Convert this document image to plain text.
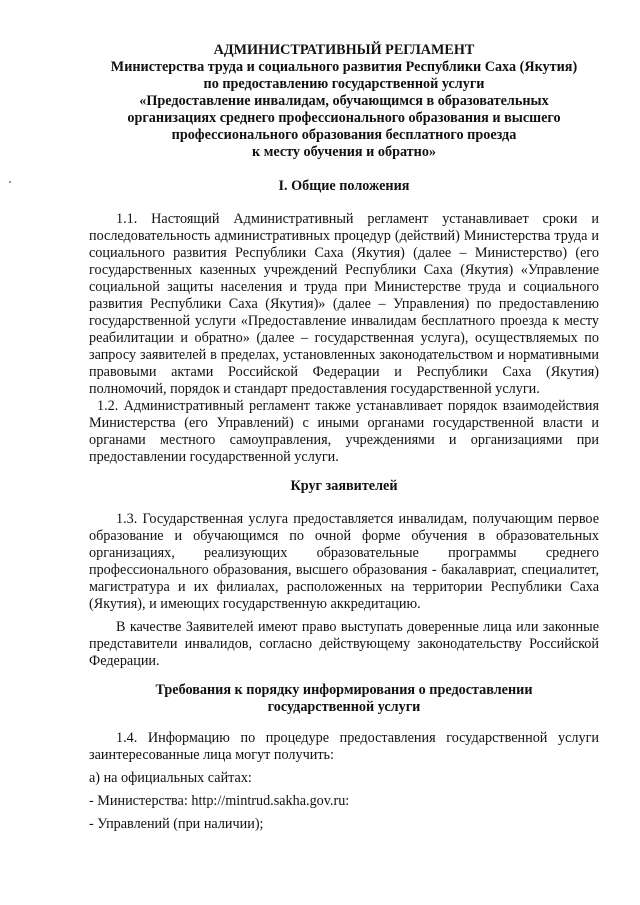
АДМИНИСТРАТИВНЫЙ РЕГЛАМЕНТ
Министерства труда и социального развития Республики Саха (Якутия)
по предоставлению государственной услуги
«Предоставление инвалидам, обучающимся в образовательных
организациях среднего профессионального образования и высшего
профессионального образования бесплатного проезда
к месту обучения и обратно»
I. Общие положения

1.1. Настоящий Административный регламент устанавливает сроки и последовательность административных процедур (действий) Министерства труда и социального развития Республики Саха (Якутия) (далее – Министерство) (его государственных казенных учреждений Республики Саха (Якутия) «Управление социальной защиты населения и труда при Министерстве труда и социального развития Республики Саха (Якутия)» (далее – Управления) по предоставлению государственной услуги «Предоставление инвалидам бесплатного проезда к месту реабилитации и обратно» (далее – государственная услуга), осуществляемых по запросу заявителей в пределах, установленных законодательством и нормативными правовыми актами Российской Федерации и Республики Саха (Якутия) полномочий, порядок и стандарт предоставления государственной услуги.

1.2. Административный регламент также устанавливает порядок взаимодействия Министерства (его Управлений) с иными органами государственной власти и органами местного самоуправления, учреждениями и организациями при предоставлении государственной услуги.

Круг заявителей

1.3. Государственная услуга предоставляется инвалидам, получающим первое образование и обучающимся по очной форме обучения в образовательных организациях, реализующих образовательные программы среднего профессионального образования, высшего образования - бакалавриат, специалитет, магистратура и их филиалах, расположенных на территории Республики Саха (Якутия), и имеющих государственную аккредитацию.

В качестве Заявителей имеют право выступать доверенные лица или законные представители инвалидов, согласно действующему законодательству Российской Федерации.

Требования к порядку информирования о предоставлении
государственной услуги

1.4. Информацию по процедуре предоставления государственной услуги заинтересованные лица могут получить:

а) на официальных сайтах:
- Министерства: http://mintrud.sakha.gov.ru:
- Управлений (при наличии);
